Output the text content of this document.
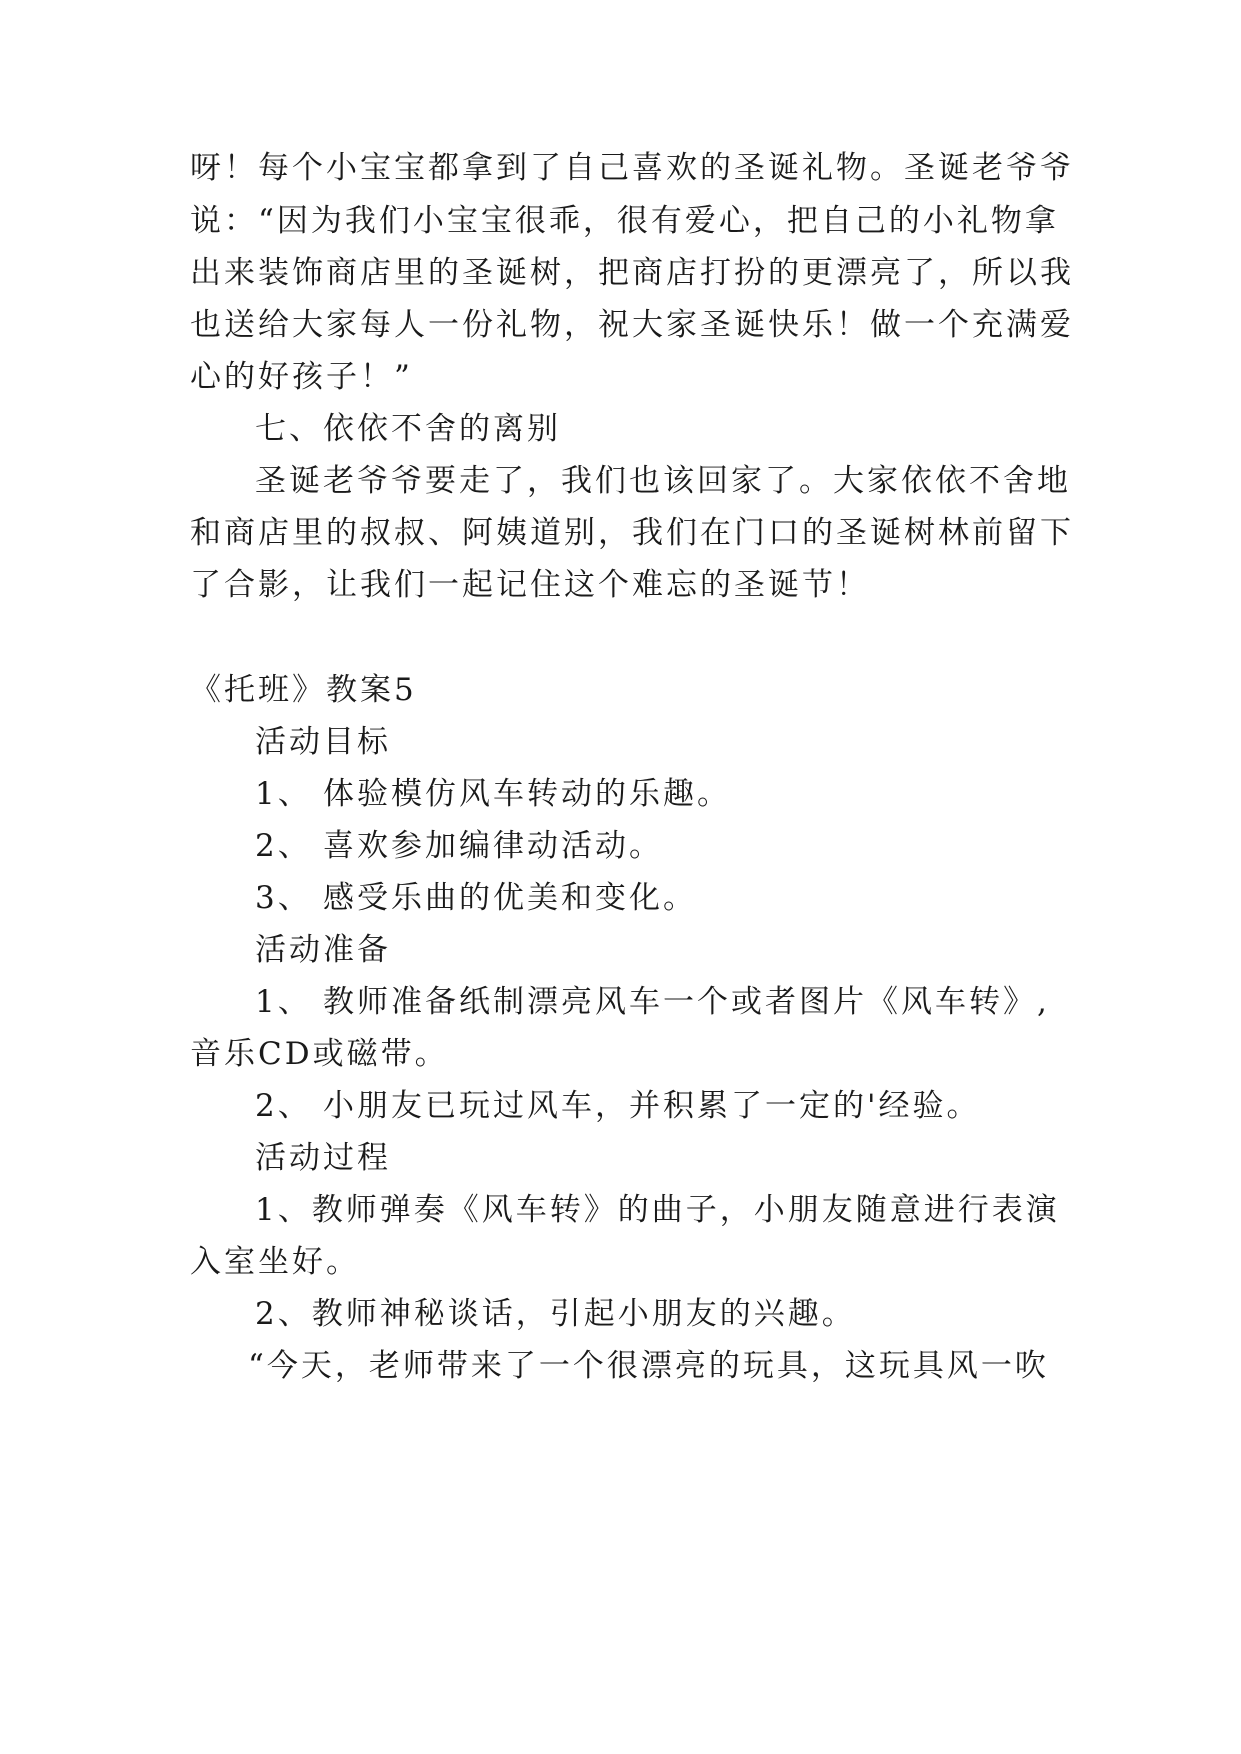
呀！每个小宝宝都拿到了自己喜欢的圣诞礼物。圣诞老爷爷
说：“因为我们小宝宝很乖，很有爱心，把自己的小礼物拿
出来装饰商店里的圣诞树，把商店打扮的更漂亮了，所以我
也送给大家每人一份礼物，祝大家圣诞快乐！做一个充满爱
心的好孩子！”
七、依依不舍的离别
圣诞老爷爷要走了，我们也该回家了。大家依依不舍地
和商店里的叔叔、阿姨道别，我们在门口的圣诞树林前留下
了合影，让我们一起记住这个难忘的圣诞节！
《托班》教案5
活动目标
1、 体验模仿风车转动的乐趣。
2、 喜欢参加编律动活动。
3、 感受乐曲的优美和变化。
活动准备
1、 教师准备纸制漂亮风车一个或者图片《风车转》,
音乐CD或磁带。
2、 小朋友已玩过风车，并积累了一定的'经验。
活动过程
1、教师弹奏《风车转》的曲子，小朋友随意进行表演
入室坐好。
2、教师神秘谈话，引起小朋友的兴趣。
“今天，老师带来了一个很漂亮的玩具，这玩具风一吹
